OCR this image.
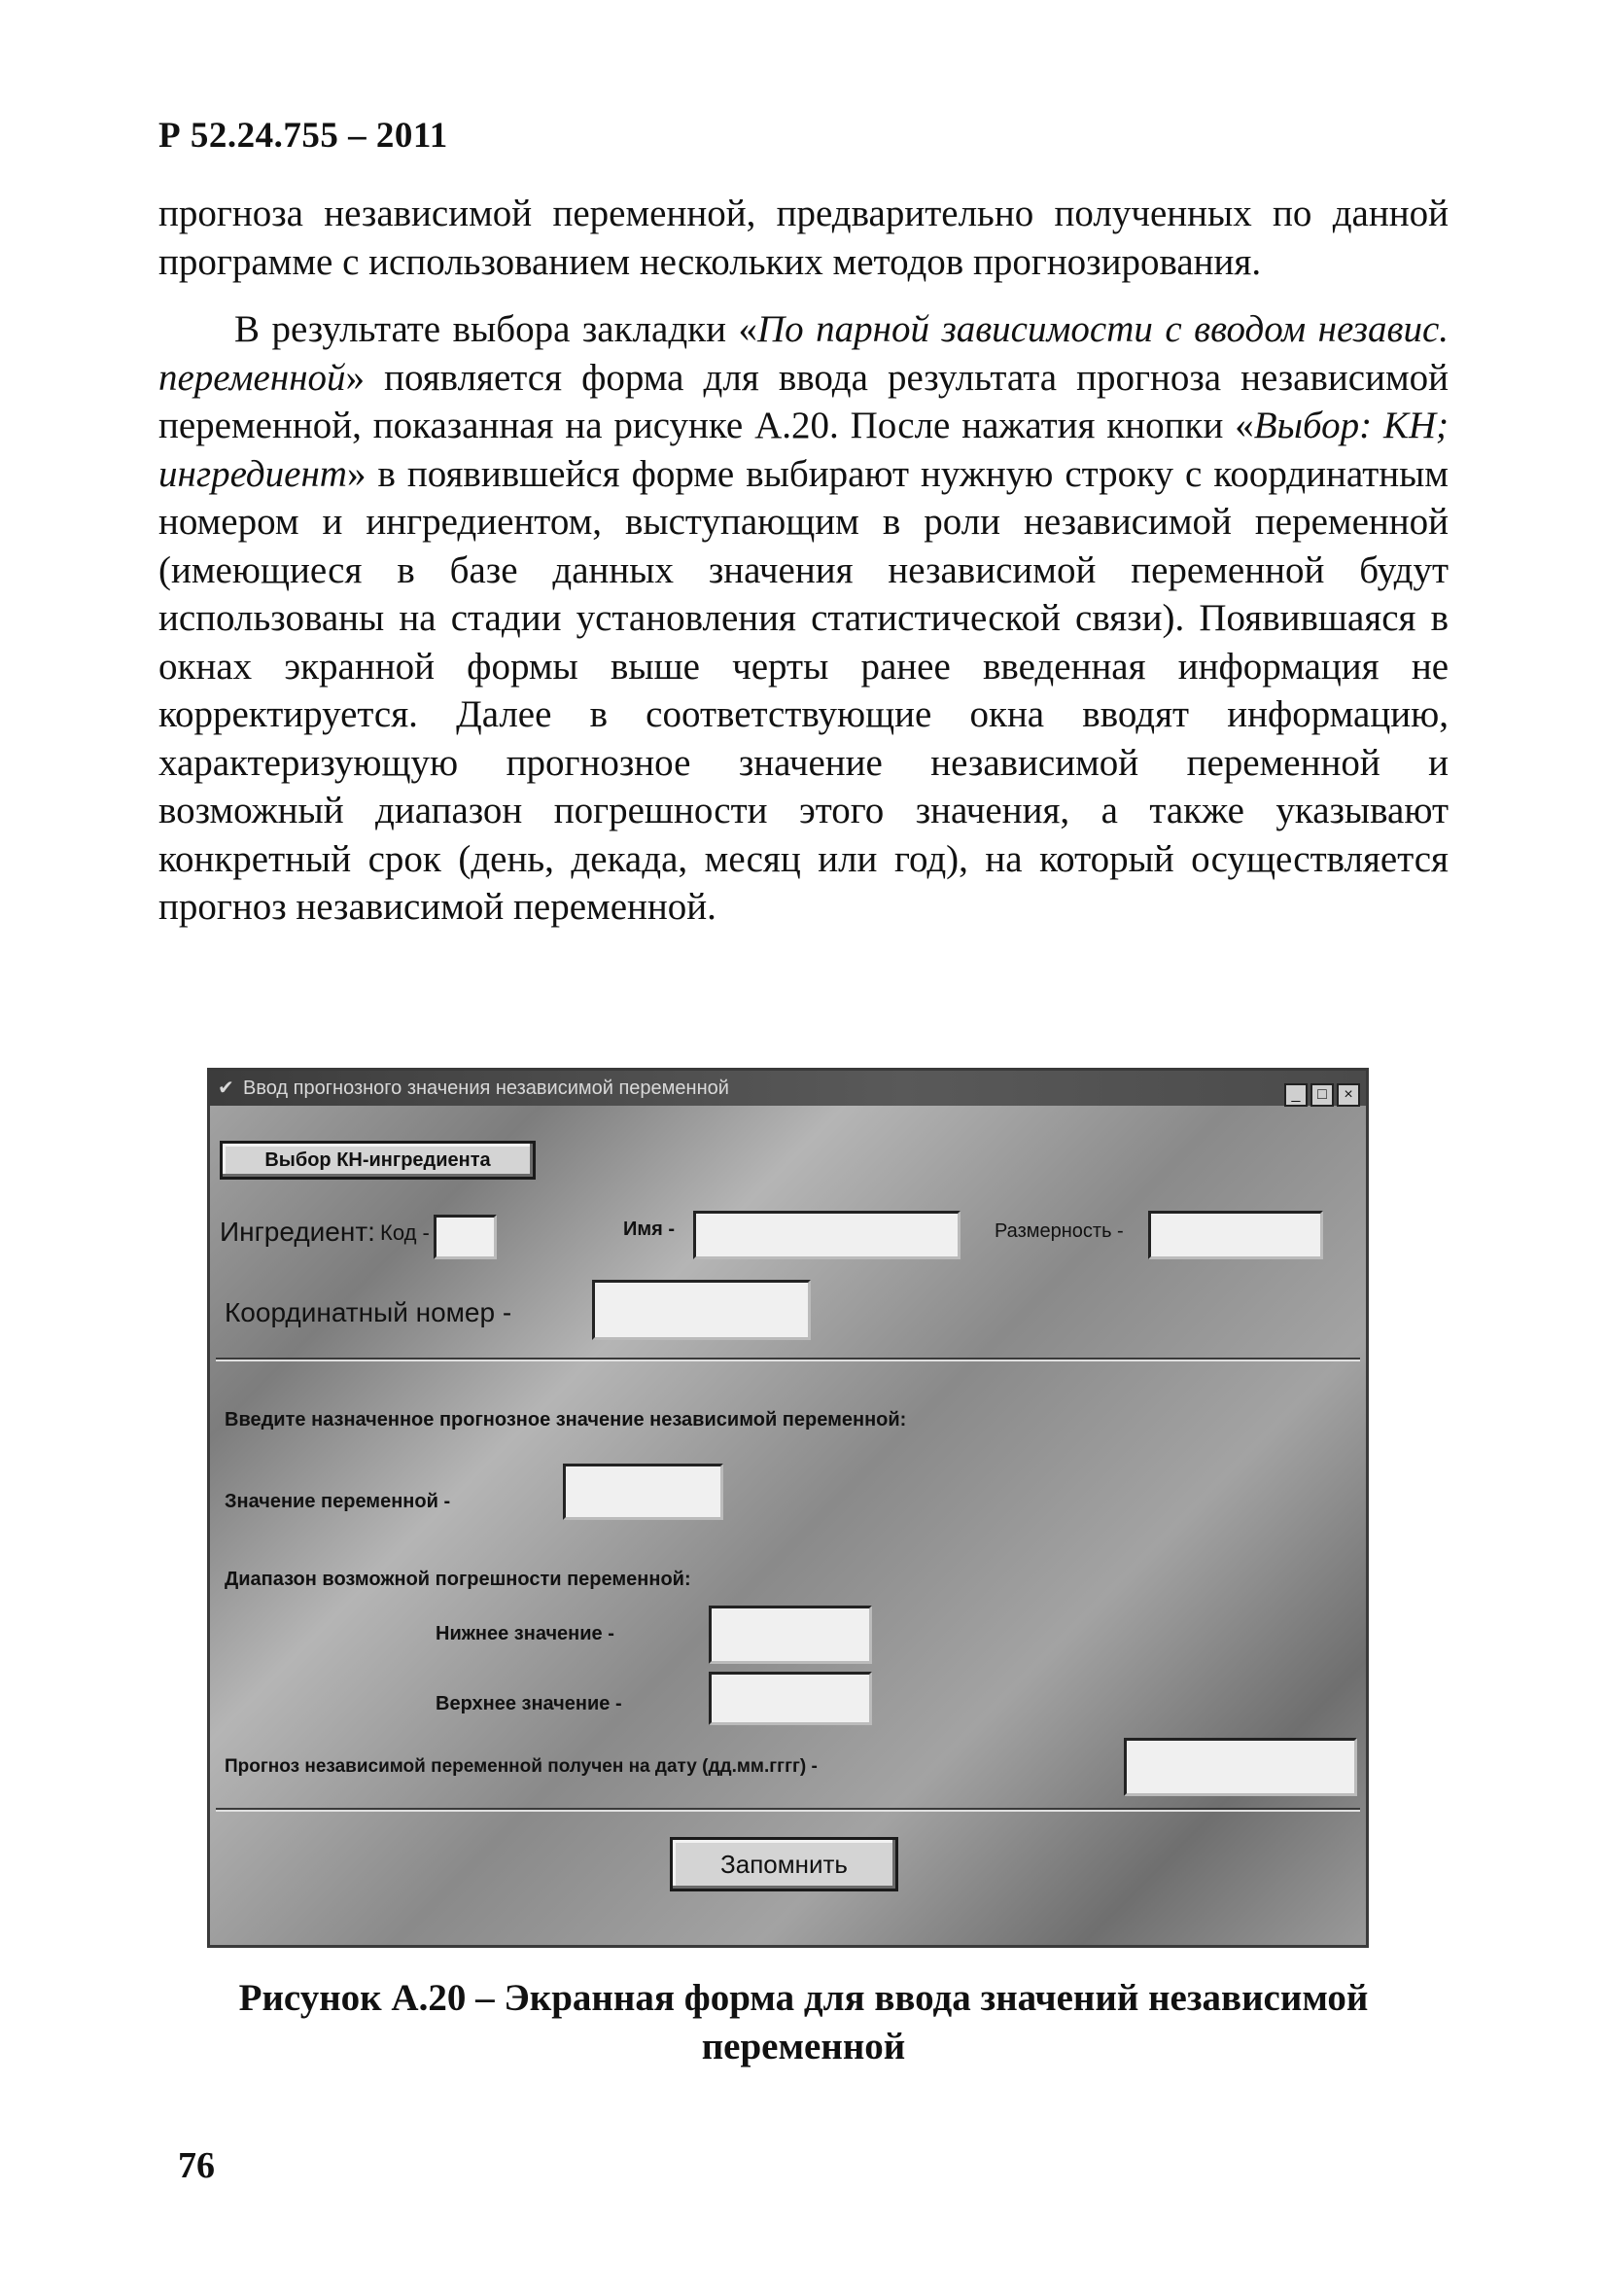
Р 52.24.755 – 2011

прогноза независимой переменной, предварительно полученных по данной программе с использованием нескольких методов прогнозирования.

В результате выбора закладки «По парной зависимости с вводом независ. переменной» появляется форма для ввода результата прогноза независимой переменной, показанная на рисунке А.20. После нажатия кнопки «Выбор: КН; ингредиент» в появившейся форме выбирают нужную строку с координатным номером и ингредиентом, выступающим в роли независимой переменной (имеющиеся в базе данных значения независимой переменной будут использованы на стадии установления статистической связи). Появившаяся в окнах экранной формы выше черты ранее введенная информация не корректируется. Далее в соответствующие окна вводят информацию, характеризующую прогнозное значение независимой переменной и возможный диапазон погрешности этого значения, а также указывают конкретный срок (день, декада, месяц или год), на который осуществляется прогноз независимой переменной.

✔ Ввод прогнозного значения независимой переменной	_ □ ×
Выбор КН-ингредиента
Ингредиент: Код -	Имя -	Размерность -
Координатный номер -
Введите назначенное прогнозное значение независимой переменной:
Значение переменной -
Диапазон возможной погрешности переменной:
Нижнее значение -
Верхнее значение -
Прогноз независимой переменной получен на дату (дд.мм.гггг) -
Запомнить
Рисунок А.20 – Экранная форма для ввода значений независимой
переменной
76
